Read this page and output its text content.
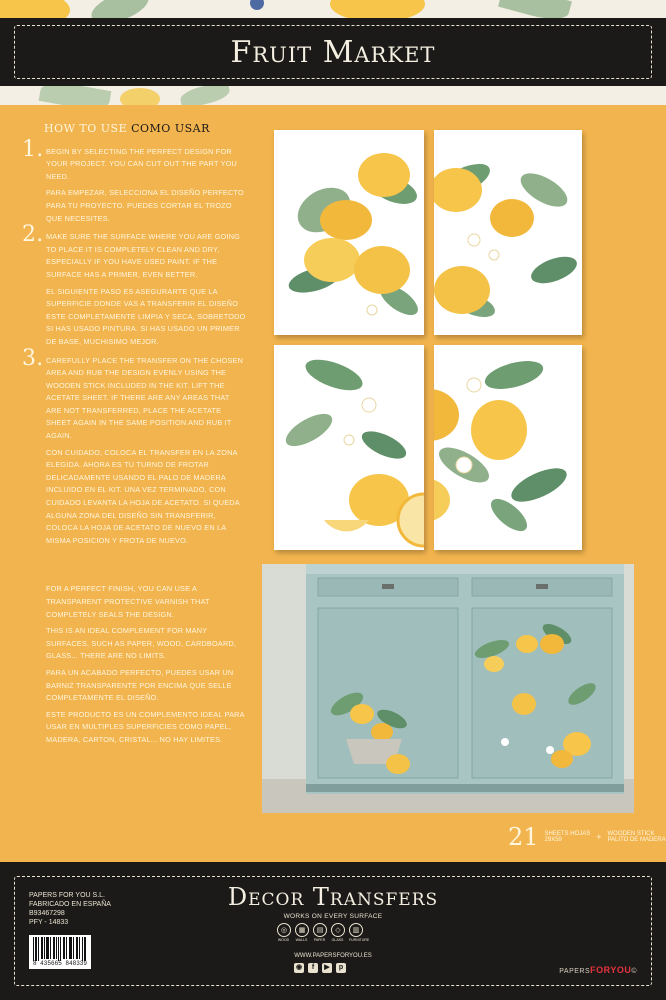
Fruit Market
HOW TO USE COMO USAR
1. BEGIN BY SELECTING THE PERFECT DESIGN FOR YOUR PROJECT. YOU CAN CUT OUT THE PART YOU NEED.

PARA EMPEZAR, SELECCIONA EL DISEÑO PERFECTO PARA TU PROYECTO. PUEDES CORTAR EL TROZO QUE NECESITES.

2. MAKE SURE THE SURFACE WHERE YOU ARE GOING TO PLACE IT IS COMPLETELY CLEAN AND DRY, ESPECIALLY IF YOU HAVE USED PAINT. IF THE SURFACE HAS A PRIMER, EVEN BETTER.

EL SIGUIENTE PASO ES ASEGURARTE QUE LA SUPERFICIE DONDE VAS A TRANSFERIR EL DISEÑO ESTE COMPLETAMENTE LIMPIA Y SECA, SOBRETODO SI HAS USADO PINTURA. SI HAS USADO UN PRIMER DE BASE, MUCHISIMO MEJOR.

3. CAREFULLY PLACE THE TRANSFER ON THE CHOSEN AREA AND RUB THE DESIGN EVENLY USING THE WOODEN STICK INCLUDED IN THE KIT. LIFT THE ACETATE SHEET. IF THERE ARE ANY AREAS THAT ARE NOT TRANSFERRED, PLACE THE ACETATE SHEET AGAIN IN THE SAME POSITION AND RUB IT AGAIN.

CON CUIDADO, COLOCA EL TRANSFER EN LA ZONA ELEGIDA. AHORA ES TU TURNO DE FROTAR DELICADAMENTE USANDO EL PALO DE MADERA INCLUIDO EN EL KIT. UNA VEZ TERMINADO, CON CUIDADO LEVANTA LA HOJA DE ACETATO. SI QUEDA ALGUNA ZONA DEL DISEÑO SIN TRANSFERIR, COLOCA LA HOJA DE ACETATO DE NUEVO EN LA MISMA POSICION Y FROTA DE NUEVO.

FOR A PERFECT FINISH, YOU CAN USE A TRANSPARENT PROTECTIVE VARNISH THAT COMPLETELY SEALS THE DESIGN.

THIS IS AN IDEAL COMPLEMENT FOR MANY SURFACES, SUCH AS PAPER, WOOD, CARDBOARD, GLASS... THERE ARE NO LIMITS.

PARA UN ACABADO PERFECTO, PUEDES USAR UN BARNIZ TRANSPARENTE POR ENCIMA QUE SELLE COMPLETAMENTE EL DISEÑO.

ESTE PRODUCTO ES UN COMPLEMENTO IDEAL PARA USAR EN MULTIPLES SUPERFICIES COMO PAPEL, MADERA, CARTON, CRISTAL... NO HAY LIMITES.

21 SHEETS HOJAS
29X59	+ WOODEN STICK
PALITO DE MADERA
PAPERS FOR YOU S.L.
FABRICADO EN ESPAÑA
B93467298
PFY - 14833
8 435665 848339
Decor Transfers
WORKS ON EVERY SURFACE
◎
WOOD
▦
WALLS
▤
PAPER
◇
GLASS
▥
FURNITURE
WWW.PAPERSFORYOU.ES
◉	f	▶	p
PAPERSFORYOU©
